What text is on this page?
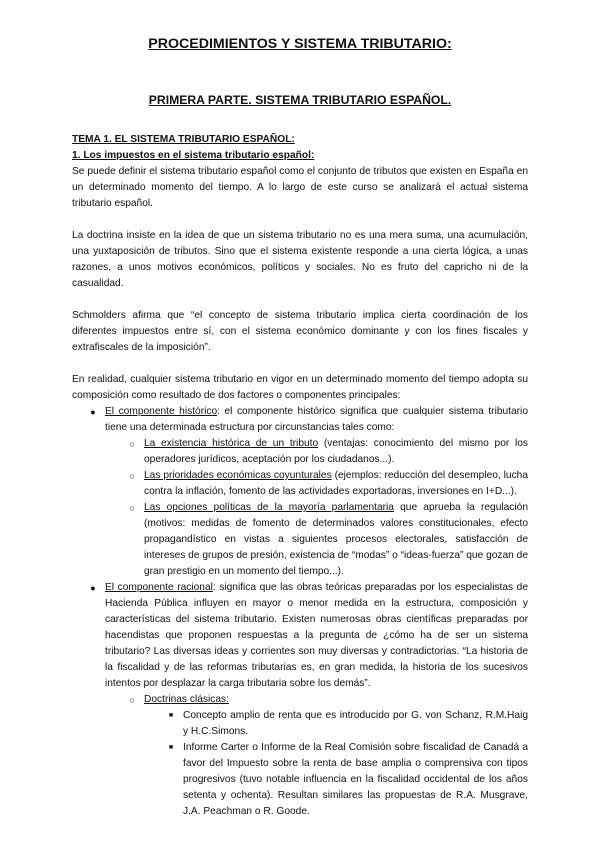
PROCEDIMIENTOS Y SISTEMA TRIBUTARIO:
PRIMERA PARTE. SISTEMA TRIBUTARIO ESPAÑOL.
TEMA 1. EL SISTEMA TRIBUTARIO ESPAÑOL:
1. Los impuestos en el sistema tributario español:

Se puede definir el sistema tributario español como el conjunto de tributos que existen en España en un determinado momento del tiempo. A lo largo de este curso se analizará el actual sistema tributario español.

La doctrina insiste en la idea de que un sistema tributario no es una mera suma, una acumulación, una yuxtaposición de tributos. Sino que el sistema existente responde a una cierta lógica, a unas razones, a unos motivos económicos, políticos y sociales. No es fruto del capricho ni de la casualidad.

Schmolders afirma que “el concepto de sistema tributario implica cierta coordinación de los diferentes impuestos entre sí, con el sistema económico dominante y con los fines fiscales y extrafiscales de la imposición”.

En realidad, cualquier sistema tributario en vigor en un determinado momento del tiempo adopta su composición como resultado de dos factores o componentes principales:

● El componente histórico: el componente histórico significa que cualquier sistema tributario tiene una determinada estructura por circunstancias tales como:
○ La existencia histórica de un tributo (ventajas: conocimiento del mismo por los operadores jurídicos, aceptación por los ciudadanos...).
○ Las prioridades económicas coyunturales (ejemplos: reducción del desempleo, lucha contra la inflación, fomento de las actividades exportadoras, inversiones en I+D...).
○ Las opciones políticas de la mayoría parlamentaria que aprueba la regulación (motivos: medidas de fomento de determinados valores constitucionales, efecto propagandístico en vistas a siguientes procesos electorales, satisfacción de intereses de grupos de presión, existencia de “modas” o “ideas-fuerza” que gozan de gran prestigio en un momento del tiempo...).
● El componente racional: significa que las obras teóricas preparadas por los especialistas de Hacienda Pública influyen en mayor o menor medida en la estructura, composición y características del sistema tributario. Existen numerosas obras científicas preparadas por hacendistas que proponen respuestas a la pregunta de ¿cómo ha de ser un sistema tributario? Las diversas ideas y corrientes son muy diversas y contradictorias. “La historia de la fiscalidad y de las reformas tributarias es, en gran medida, la historia de los sucesivos intentos por desplazar la carga tributaria sobre los demás”.
○ Doctrinas clásicas:
■ Concepto amplio de renta que es introducido por G. von Schanz, R.M.Haig y H.C.Simons.
■ Informe Carter o Informe de la Real Comisión sobre fiscalidad de Canadá a favor del Impuesto sobre la renta de base amplia o comprensiva con tipos progresivos (tuvo notable influencia en la fiscalidad occidental de los años setenta y ochenta). Resultan similares las propuestas de R.A. Musgrave, J.A. Peachman o R. Goode.
